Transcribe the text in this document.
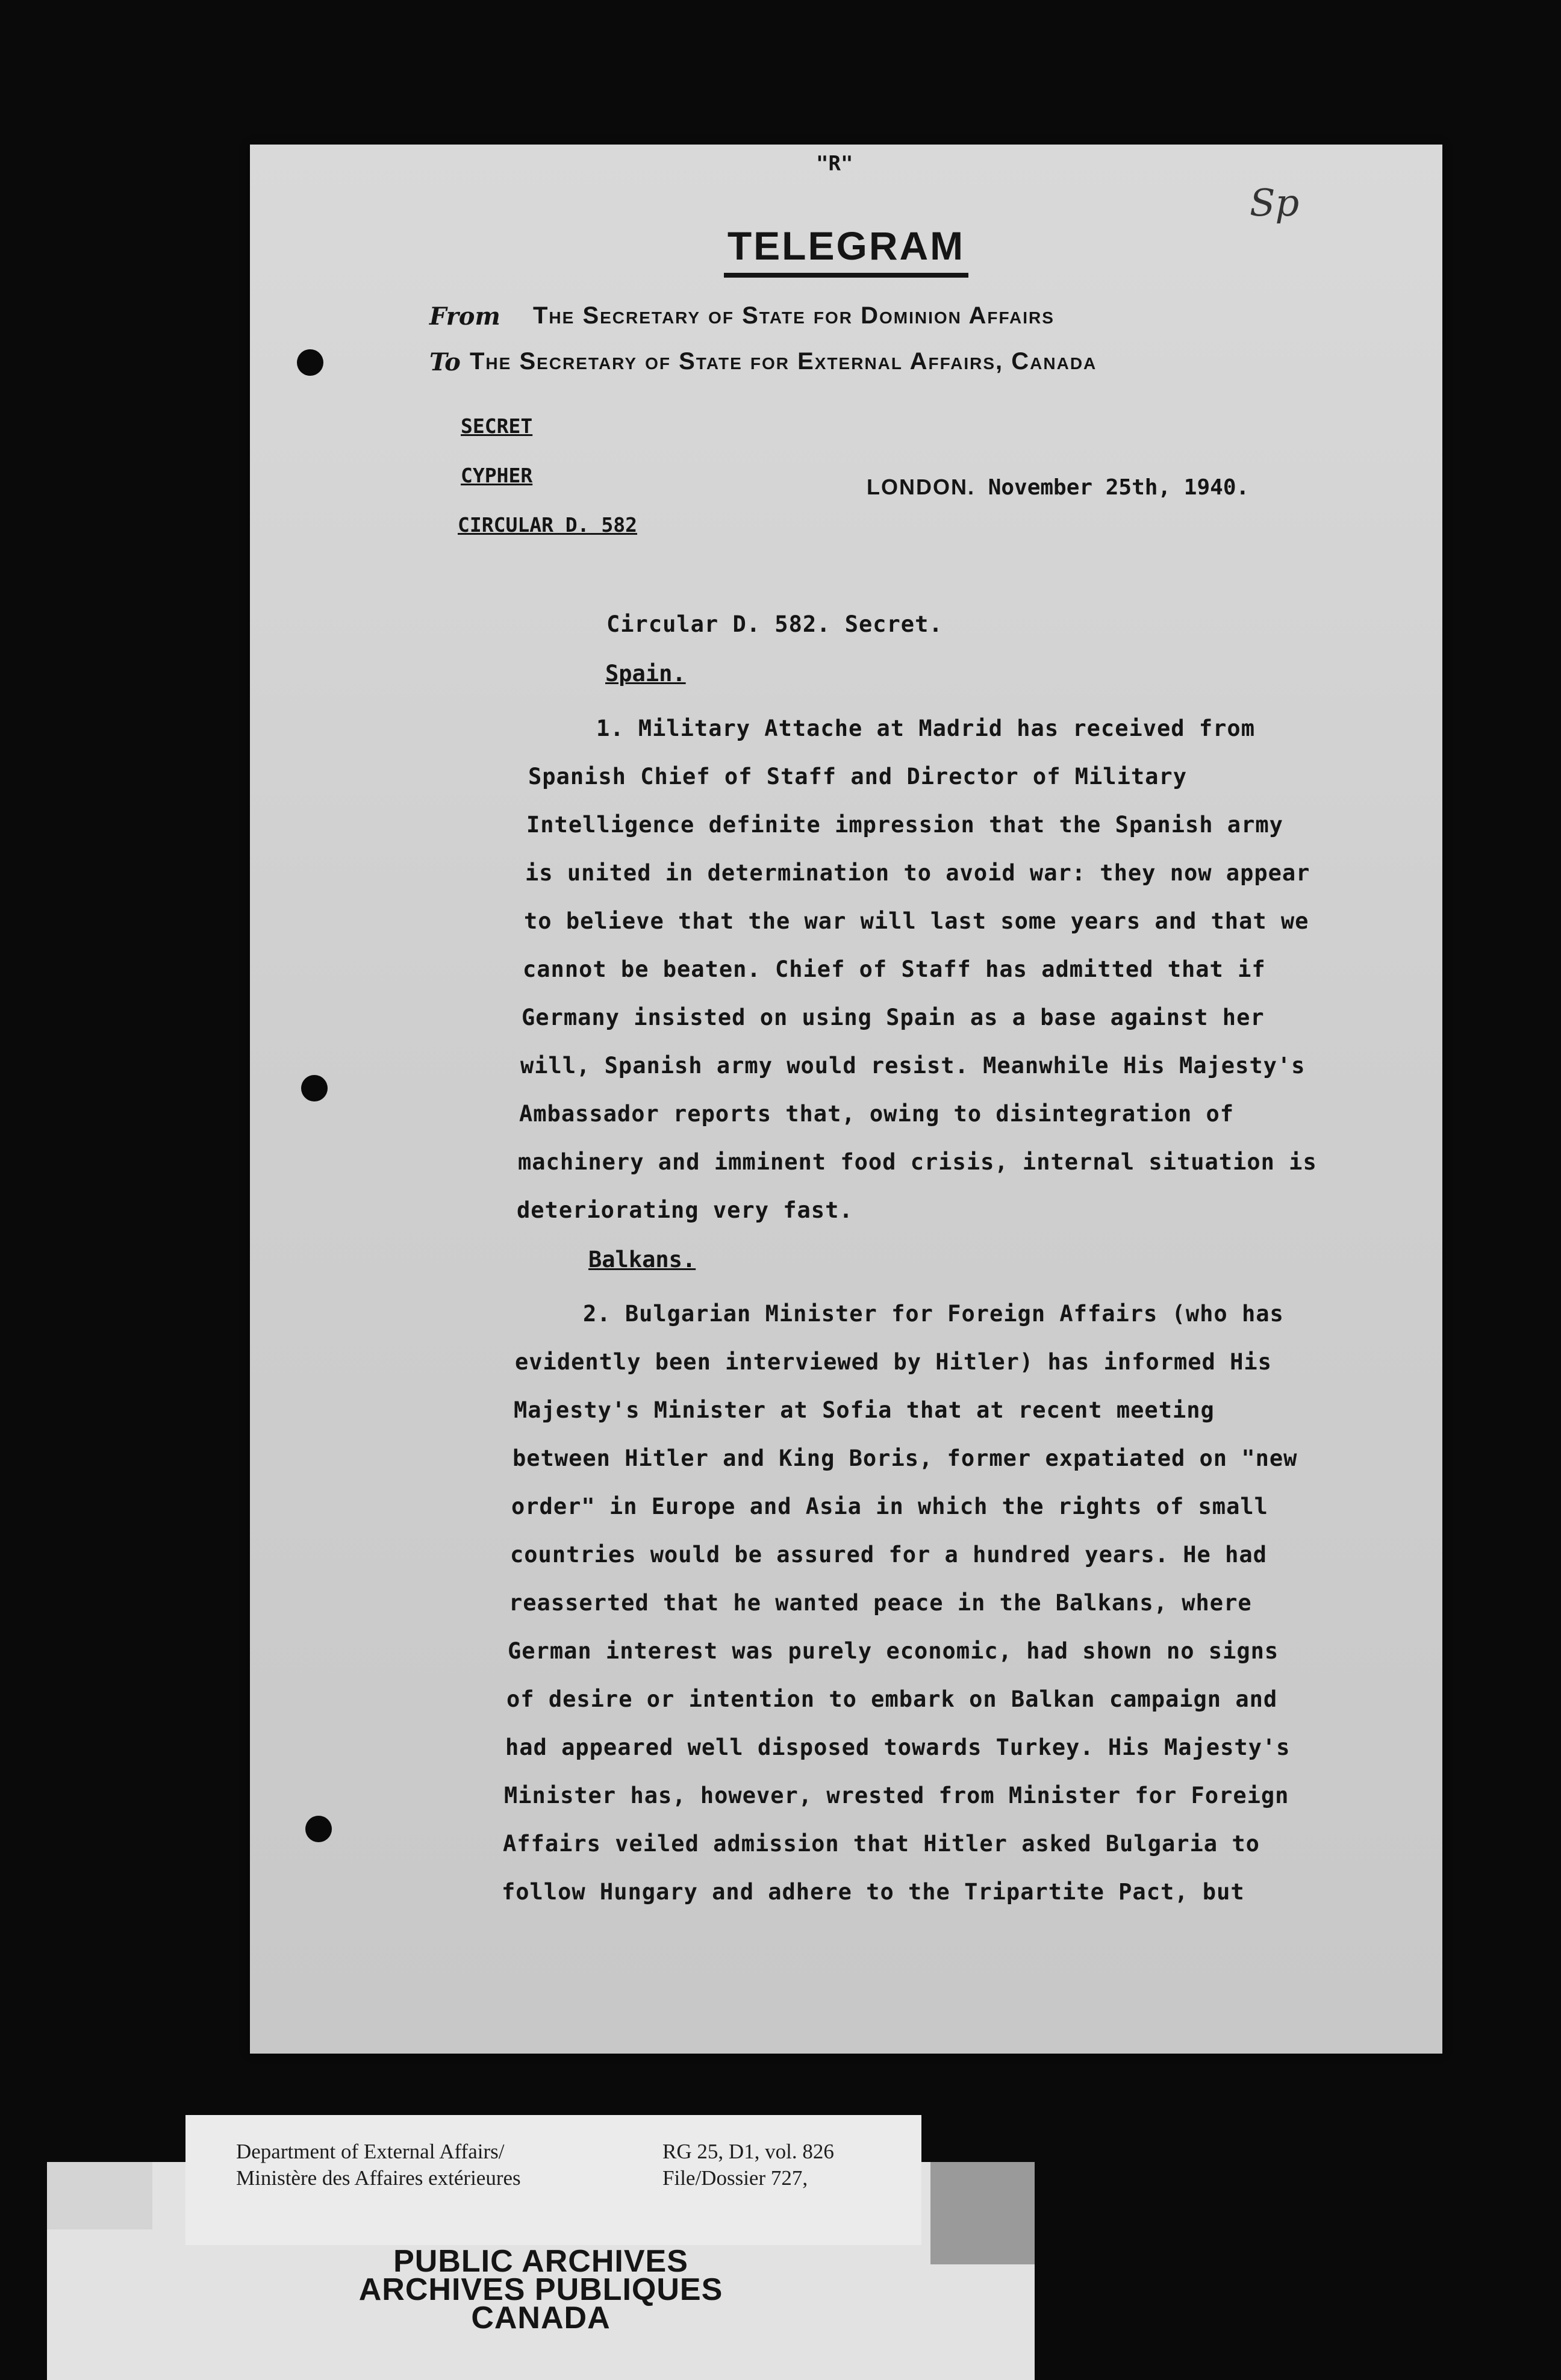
"R"
Sp
TELEGRAM
From The Secretary of State for Dominion Affairs
To The Secretary of State for External Affairs, Canada
SECRET
CYPHER
CIRCULAR D. 582
LONDON. November 25th, 1940.
Circular D. 582. Secret.
Spain.
1. Military Attache at Madrid has received from
Spanish Chief of Staff and Director of Military
Intelligence definite impression that the Spanish army
is united in determination to avoid war: they now appear
to believe that the war will last some years and that we
cannot be beaten. Chief of Staff has admitted that if
Germany insisted on using Spain as a base against her
will, Spanish army would resist. Meanwhile His Majesty's
Ambassador reports that, owing to disintegration of
machinery and imminent food crisis, internal situation is
deteriorating very fast.
Balkans.
2. Bulgarian Minister for Foreign Affairs (who has
evidently been interviewed by Hitler) has informed His
Majesty's Minister at Sofia that at recent meeting
between Hitler and King Boris, former expatiated on "new
order" in Europe and Asia in which the rights of small
countries would be assured for a hundred years. He had
reasserted that he wanted peace in the Balkans, where
German interest was purely economic, had shown no signs
of desire or intention to embark on Balkan campaign and
had appeared well disposed towards Turkey. His Majesty's
Minister has, however, wrested from Minister for Foreign
Affairs veiled admission that Hitler asked Bulgaria to
follow Hungary and adhere to the Tripartite Pact, but
Department of External Affairs/
Ministère des Affaires extérieures
RG 25, D1, vol. 826
File/Dossier 727,
PUBLIC ARCHIVES
ARCHIVES PUBLIQUES
CANADA
